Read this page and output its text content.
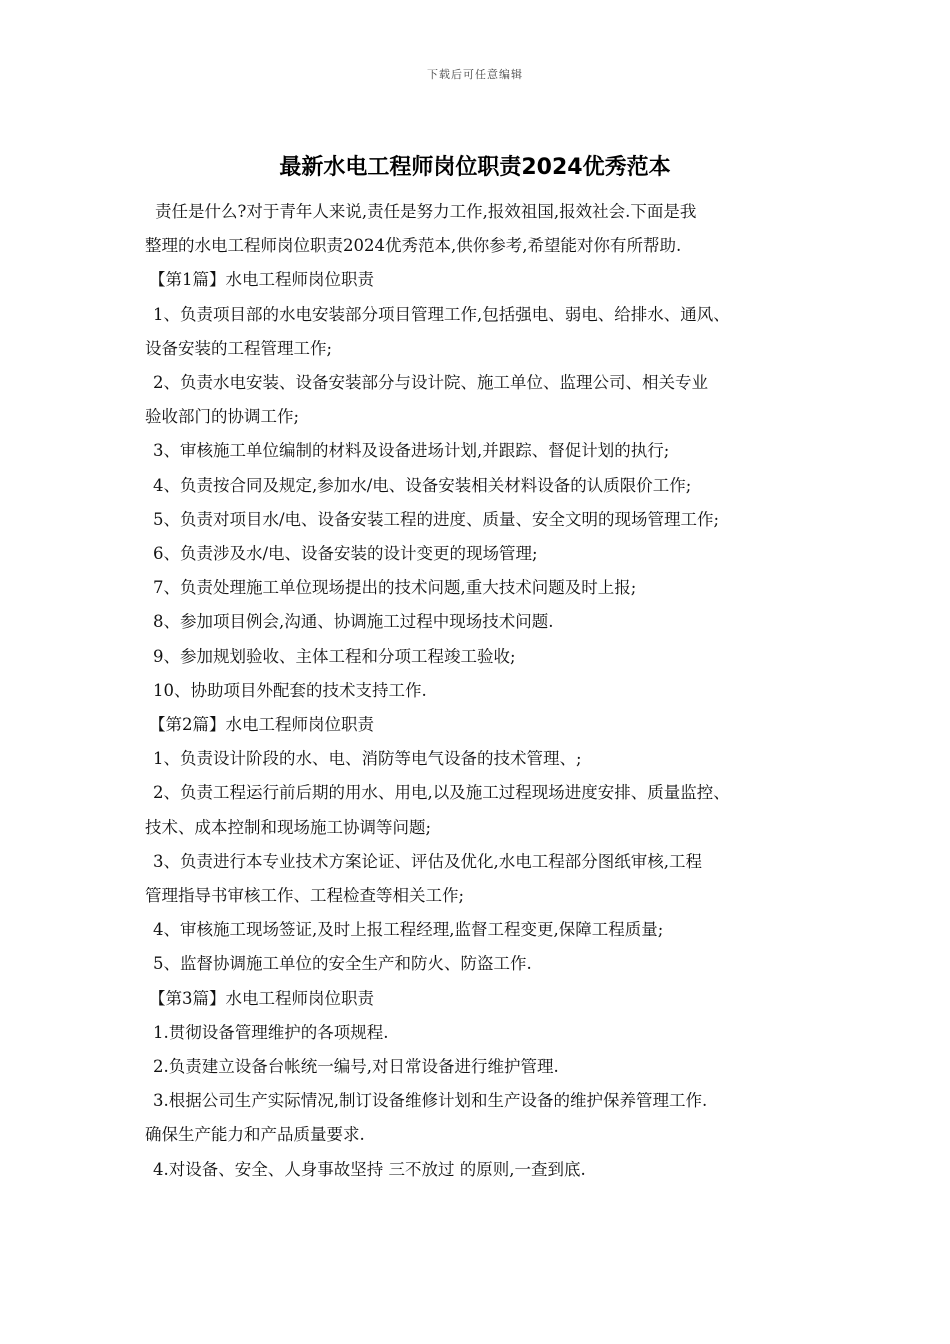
下载后可任意编辑
最新水电工程师岗位职责2024优秀范本

责任是什么?对于青年人来说,责任是努力工作,报效祖国,报效社会.下面是我

整理的水电工程师岗位职责2024优秀范本,供你参考,希望能对你有所帮助.

【第1篇】水电工程师岗位职责

1、负责项目部的水电安装部分项目管理工作,包括强电、弱电、给排水、通风、

设备安装的工程管理工作;

2、负责水电安装、设备安装部分与设计院、施工单位、监理公司、相关专业

验收部门的协调工作;

3、审核施工单位编制的材料及设备进场计划,并跟踪、督促计划的执行;

4、负责按合同及规定,参加水/电、设备安装相关材料设备的认质限价工作;

5、负责对项目水/电、设备安装工程的进度、质量、安全文明的现场管理工作;

6、负责涉及水/电、设备安装的设计变更的现场管理;

7、负责处理施工单位现场提出的技术问题,重大技术问题及时上报;

8、参加项目例会,沟通、协调施工过程中现场技术问题.

9、参加规划验收、主体工程和分项工程竣工验收;

10、协助项目外配套的技术支持工作.

【第2篇】水电工程师岗位职责

1、负责设计阶段的水、电、消防等电气设备的技术管理、;

2、负责工程运行前后期的用水、用电,以及施工过程现场进度安排、质量监控、

技术、成本控制和现场施工协调等问题;

3、负责进行本专业技术方案论证、评估及优化,水电工程部分图纸审核,工程

管理指导书审核工作、工程检查等相关工作;

4、审核施工现场签证,及时上报工程经理,监督工程变更,保障工程质量;

5、监督协调施工单位的安全生产和防火、防盗工作.

【第3篇】水电工程师岗位职责

1.贯彻设备管理维护的各项规程.

2.负责建立设备台帐统一编号,对日常设备进行维护管理.

3.根据公司生产实际情况,制订设备维修计划和生产设备的维护保养管理工作.

确保生产能力和产品质量要求.

4.对设备、安全、人身事故坚持 三不放过 的原则,一查到底.
